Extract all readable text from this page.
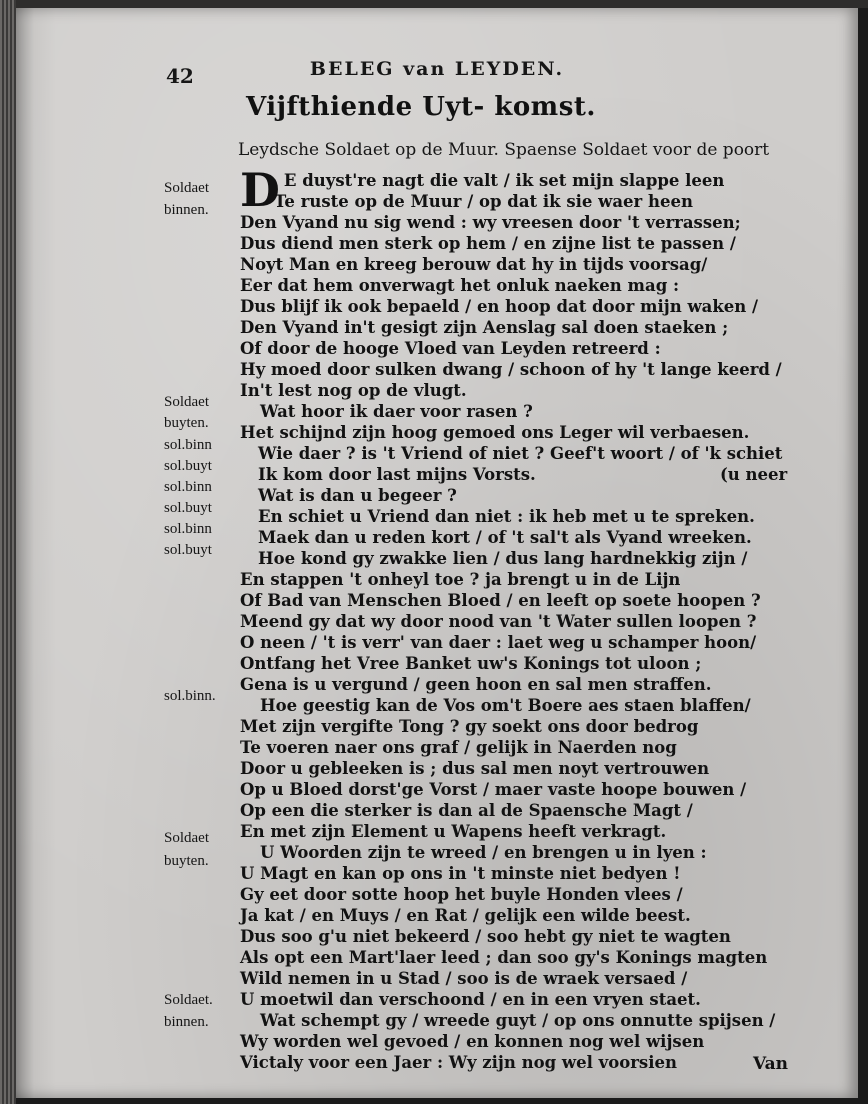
42	BELEG van LEYDEN.
Vijfthiende Uyt- komst.
Leydsche Soldaet op de Muur. Spaense Soldaet voor de poort
Soldaet
binnen.
Soldaet
buyten.
sol.binn
sol.buyt
sol.binn
sol.buyt
sol.binn
sol.buyt
sol.binn.
Soldaet
buyten.
Soldaet.
binnen.
D E duyst're nagt die valt / ik set mijn slappe leen
Te ruste op de Muur / op dat ik sie waer heen
Den Vyand nu sig wend : wy vreesen door 't verrassen;
Dus diend men sterk op hem / en zijne list te passen /
Noyt Man en kreeg berouw dat hy in tijds voorsag/
Eer dat hem onverwagt het onluk naeken mag :
Dus blijf ik ook bepaeld / en hoop dat door mijn waken /
Den Vyand in't gesigt zijn Aenslag sal doen staeken ;
Of door de hooge Vloed van Leyden retreerd :
Hy moed door sulken dwang / schoon of hy 't lange keerd /
In't lest nog op de vlugt.
Wat hoor ik daer voor rasen ?
Het schijnd zijn hoog gemoed ons Leger wil verbaesen.
Wie daer ? is 't Vriend of niet ? Geef't woort / of 'k schiet
Ik kom door last mijns Vorsts.	(u neer
Wat is dan u begeer ?
En schiet u Vriend dan niet : ik heb met u te spreken.
Maek dan u reden kort / of 't sal't als Vyand wreeken.
Hoe kond gy zwakke lien / dus lang hardnekkig zijn /
En stappen 't onheyl toe ? ja brengt u in de Lijn
Of Bad van Menschen Bloed / en leeft op soete hoopen ?
Meend gy dat wy door nood van 't Water sullen loopen ?
O neen / 't is verr' van daer : laet weg u schamper hoon/
Ontfang het Vree Banket uw's Konings tot uloon ;
Gena is u vergund / geen hoon en sal men straffen.
Hoe geestig kan de Vos om't Boere aes staen blaffen/
Met zijn vergifte Tong ? gy soekt ons door bedrog
Te voeren naer ons graf / gelijk in Naerden nog
Door u gebleeken is ; dus sal men noyt vertrouwen
Op u Bloed dorst'ge Vorst / maer vaste hoope bouwen /
Op een die sterker is dan al de Spaensche Magt /
En met zijn Element u Wapens heeft verkragt.
U Woorden zijn te wreed / en brengen u in lyen :
U Magt en kan op ons in 't minste niet bedyen !
Gy eet door sotte hoop het buyle Honden vlees /
Ja kat / en Muys / en Rat / gelijk een wilde beest.
Dus soo g'u niet bekeerd / soo hebt gy niet te wagten
Als opt een Mart'laer leed ; dan soo gy's Konings magten
Wild nemen in u Stad / soo is de wraek versaed /
U moetwil dan verschoond / en in een vryen staet.
Wat schempt gy / wreede guyt / op ons onnutte spijsen /
Wy worden wel gevoed / en konnen nog wel wijsen
Victaly voor een Jaer : Wy zijn nog wel voorsien	Van
